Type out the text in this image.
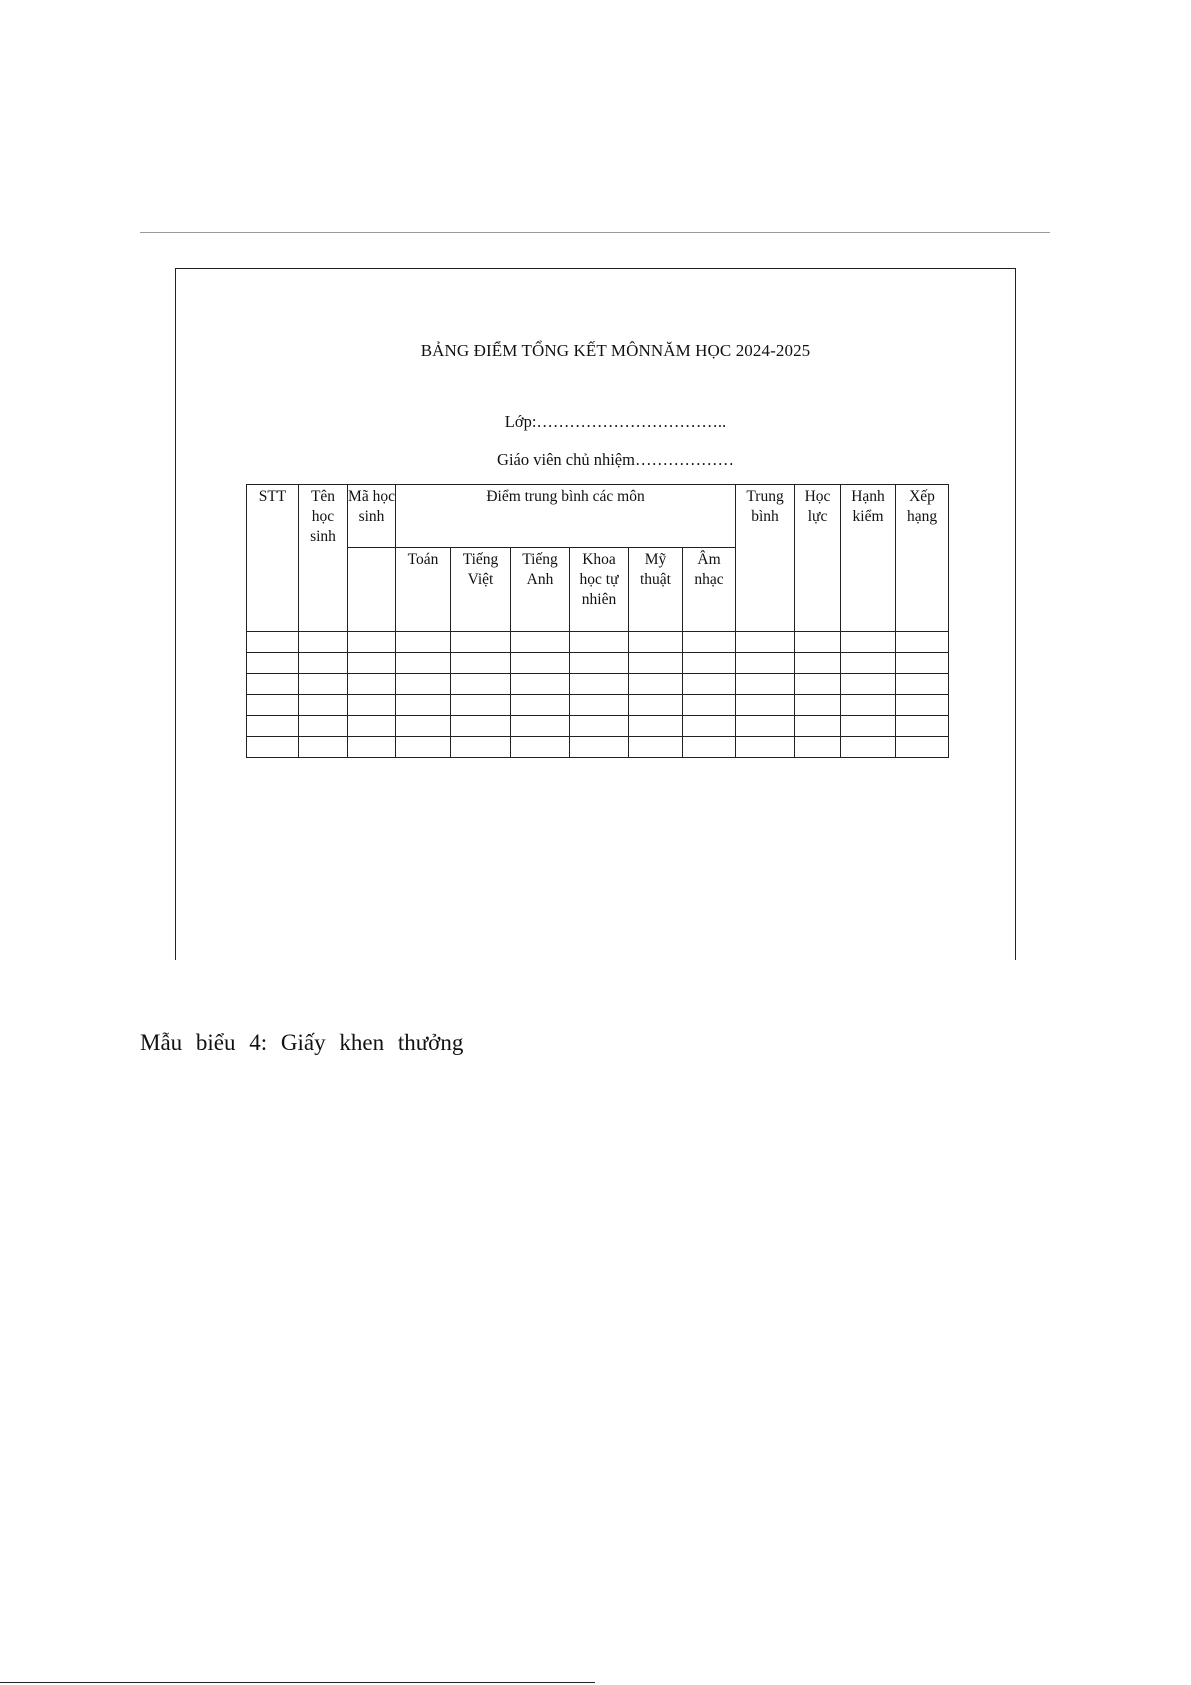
BẢNG ĐIỂM TỔNG KẾT MÔNNĂM HỌC 2024-2025
Lớp:……………………………..
Giáo viên chủ nhiệm………………
STT	Tên học sinh	Mã học sinh	Điểm trung bình các môn						Trung bình	Học lực	Hạnh kiểm	Xếp hạng
			Toán	Tiếng Việt	Tiếng Anh	Khoa học tự nhiên	Mỹ thuật	Âm nhạc				

Mẫu biểu 4: Giấy khen thưởng
